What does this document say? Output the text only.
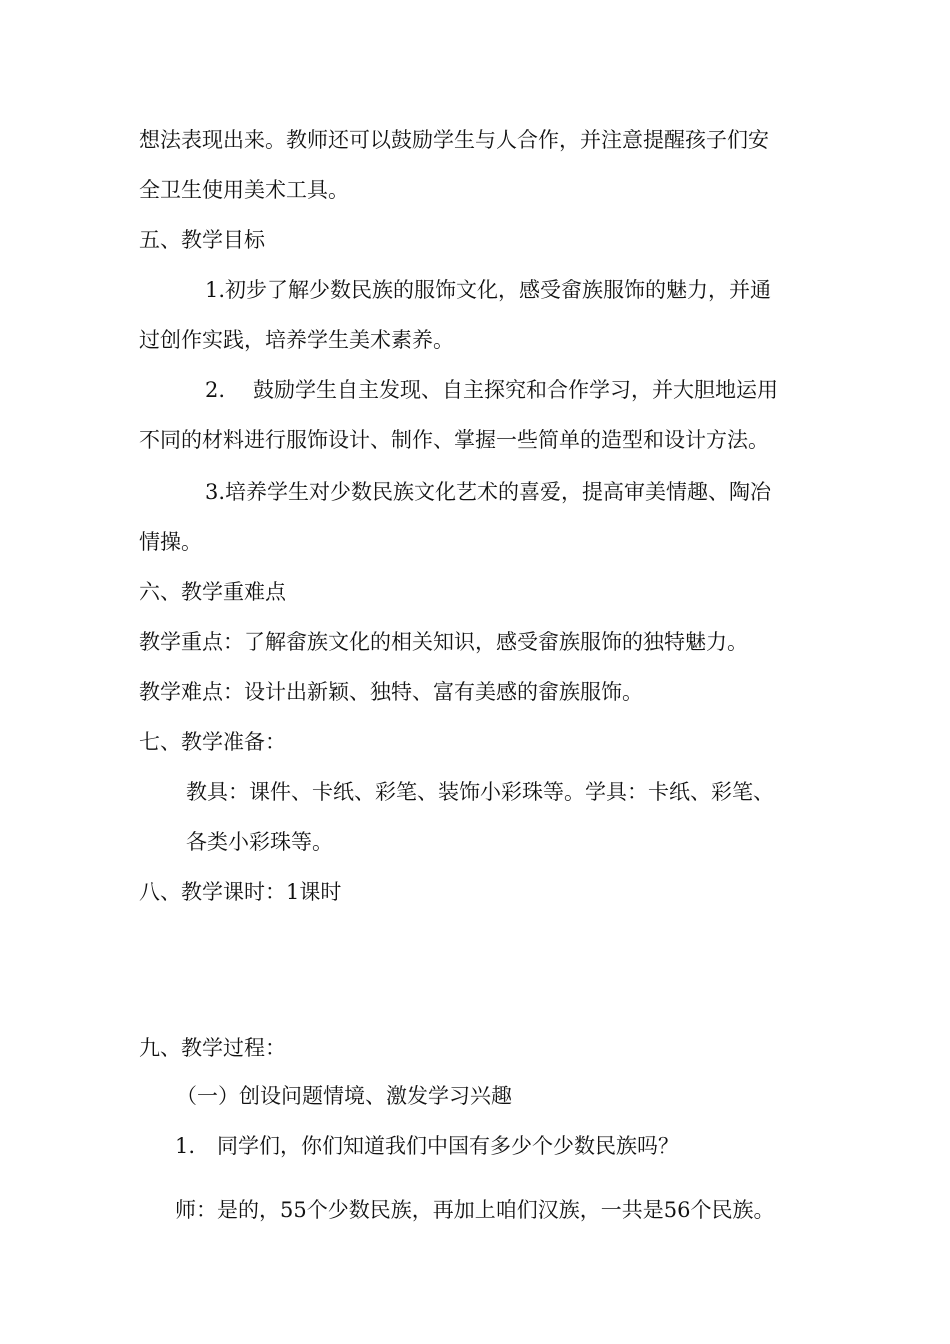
想法表现出来。教师还可以鼓励学生与人合作，并注意提醒孩子们安
全卫生使用美术工具。
五、教学目标
1.初步了解少数民族的服饰文化，感受畲族服饰的魅力，并通
过创作实践，培养学生美术素养。
2. 鼓励学生自主发现、自主探究和合作学习，并大胆地运用
不同的材料进行服饰设计、制作、掌握一些简单的造型和设计方法。
3.培养学生对少数民族文化艺术的喜爱，提高审美情趣、陶冶
情操。
六、教学重难点
教学重点：了解畲族文化的相关知识，感受畲族服饰的独特魅力。
教学难点：设计出新颖、独特、富有美感的畲族服饰。
七、教学准备：
教具：课件、卡纸、彩笔、装饰小彩珠等。学具：卡纸、彩笔、
各类小彩珠等。
八、教学课时：1课时
九、教学过程：
（一）创设问题情境、激发学习兴趣
1. 同学们，你们知道我们中国有多少个少数民族吗？
师：是的，55个少数民族，再加上咱们汉族，一共是56个民族。
